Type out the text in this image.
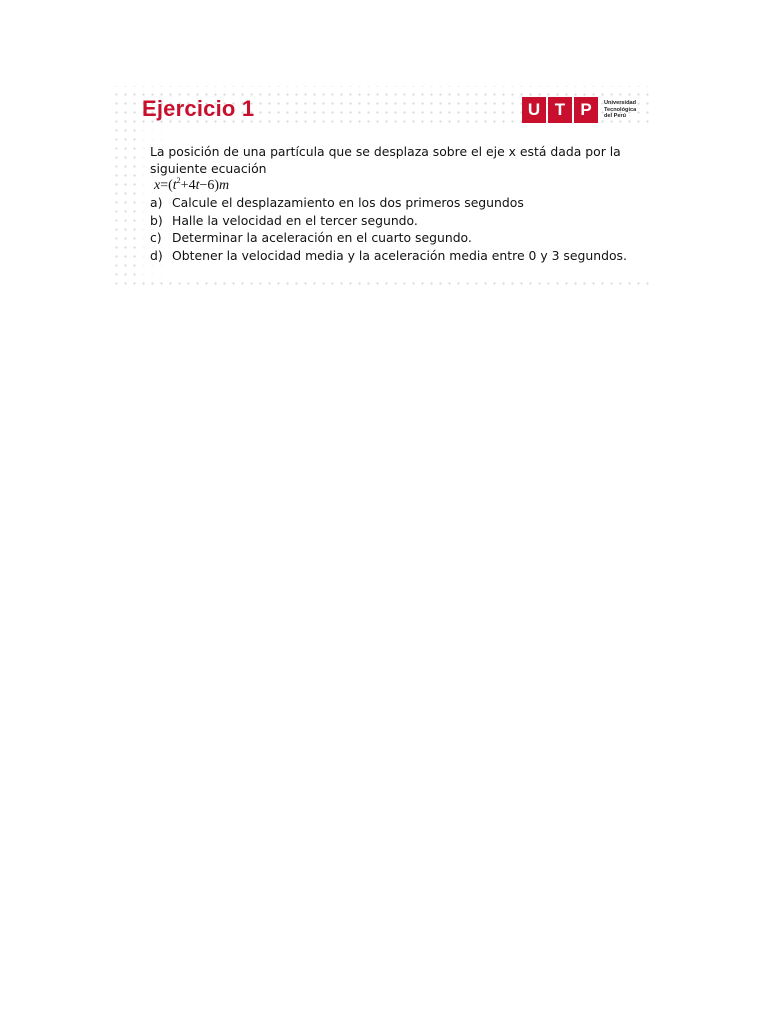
Ejercicio 1	U T P	Universidad
Tecnológica
del Perú

La posición de una partícula que se desplaza sobre el eje x está dada por la
siguiente ecuación

$x=(t^2+4t-6)m$
a) Calcule el desplazamiento en los dos primeros segundos
b) Halle la velocidad en el tercer segundo.
c) Determinar la aceleración en el cuarto segundo.
d) Obtener la velocidad media y la aceleración media entre 0 y 3 segundos.
